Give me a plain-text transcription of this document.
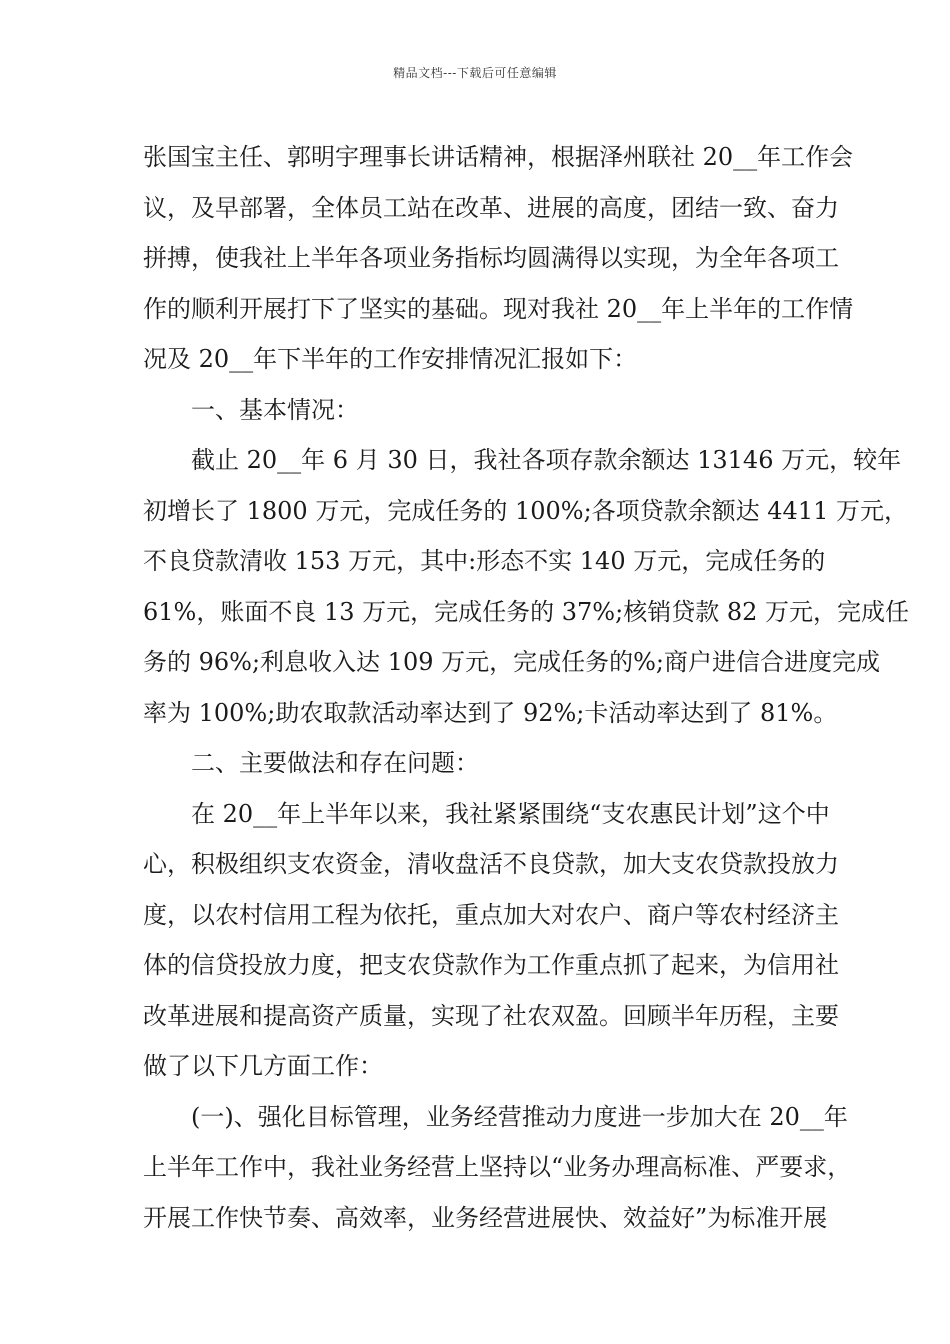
精品文档---下载后可任意编辑
张国宝主任、郭明宇理事长讲话精神，根据泽州联社 20__年工作会
议，及早部署，全体员工站在改革、进展的高度，团结一致、奋力
拼搏，使我社上半年各项业务指标均圆满得以实现，为全年各项工
作的顺利开展打下了坚实的基础。现对我社 20__年上半年的工作情
况及 20__年下半年的工作安排情况汇报如下：
一、基本情况：
截止 20__年 6 月 30 日，我社各项存款余额达 13146 万元，较年
初增长了 1800 万元，完成任务的 100%;各项贷款余额达 4411 万元，
不良贷款清收 153 万元，其中:形态不实 140 万元，完成任务的
61%，账面不良 13 万元，完成任务的 37%;核销贷款 82 万元，完成任
务的 96%;利息收入达 109 万元，完成任务的%;商户进信合进度完成
率为 100%;助农取款活动率达到了 92%;卡活动率达到了 81%。
二、主要做法和存在问题：
在 20__年上半年以来，我社紧紧围绕“支农惠民计划”这个中
心，积极组织支农资金，清收盘活不良贷款，加大支农贷款投放力
度，以农村信用工程为依托，重点加大对农户、商户等农村经济主
体的信贷投放力度，把支农贷款作为工作重点抓了起来，为信用社
改革进展和提高资产质量，实现了社农双盈。回顾半年历程，主要
做了以下几方面工作：
(一)、强化目标管理，业务经营推动力度进一步加大在 20__年
上半年工作中，我社业务经营上坚持以“业务办理高标准、严要求，
开展工作快节奏、高效率，业务经营进展快、效益好”为标准开展
